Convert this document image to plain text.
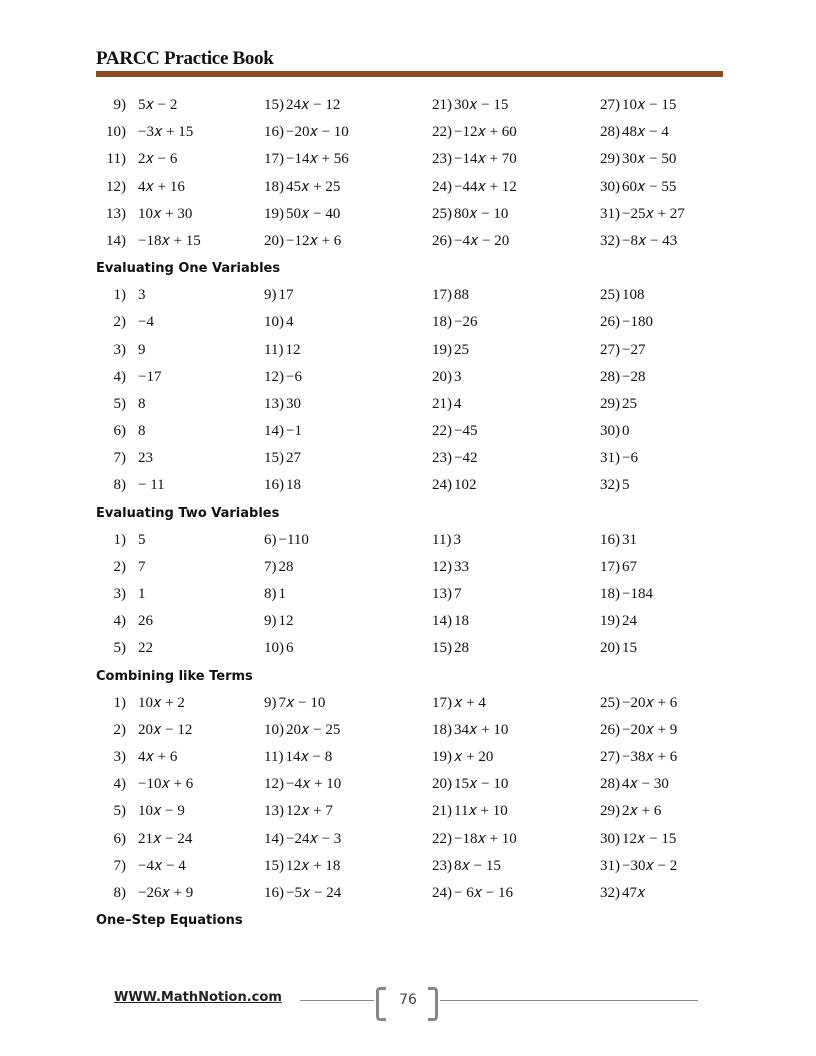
PARCC Practice Book
9) 5𝑥 − 2
10) −3𝑥 + 15
11) 2𝑥 − 6
12) 4𝑥 + 16
13) 10𝑥 + 30
14) −18𝑥 + 15
15) 24𝑥 − 12
16) −20𝑥 − 10
17) −14𝑥 + 56
18) 45𝑥 + 25
19) 50𝑥 − 40
20) −12𝑥 + 6
21) 30𝑥 − 15
22) −12𝑥 + 60
23) −14𝑥 + 70
24) −44𝑥 + 12
25) 80𝑥 − 10
26) −4𝑥 − 20
27) 10𝑥 − 15
28) 48𝑥 − 4
29) 30𝑥 − 50
30) 60𝑥 − 55
31) −25𝑥 + 27
32) −8𝑥 − 43
Evaluating One Variables
1) 3
2) −4
3) 9
4) −17
5) 8
6) 8
7) 23
8) − 11
9) 17
10) 4
11) 12
12) −6
13) 30
14) −1
15) 27
16) 18
17) 88
18) −26
19) 25
20) 3
21) 4
22) −45
23) −42
24) 102
25) 108
26) −180
27) −27
28) −28
29) 25
30) 0
31) −6
32) 5
Evaluating Two Variables
1) 5
2) 7
3) 1
4) 26
5) 22
6) −110
7) 28
8) 1
9) 12
10) 6
11) 3
12) 33
13) 7
14) 18
15) 28
16) 31
17) 67
18) −184
19) 24
20) 15
Combining like Terms
1) 10𝑥 + 2
2) 20𝑥 − 12
3) 4𝑥 + 6
4) −10𝑥 + 6
5) 10𝑥 − 9
6) 21𝑥 − 24
7) −4𝑥 − 4
8) −26𝑥 + 9
9) 7𝑥 − 10
10) 20𝑥 − 25
11) 14𝑥 − 8
12) −4𝑥 + 10
13) 12𝑥 + 7
14) −24𝑥 − 3
15) 12𝑥 + 18
16) −5𝑥 − 24
17) 𝑥 + 4
18) 34𝑥 + 10
19) 𝑥 + 20
20) 15𝑥 − 10
21) 11𝑥 + 10
22) −18𝑥 + 10
23) 8𝑥 − 15
24) − 6𝑥 − 16
25) −20𝑥 + 6
26) −20𝑥 + 9
27) −38𝑥 + 6
28) 4𝑥 − 30
29) 2𝑥 + 6
30) 12𝑥 − 15
31) −30𝑥 − 2
32) 47𝑥
One–Step Equations
WWW.MathNotion.com	76
